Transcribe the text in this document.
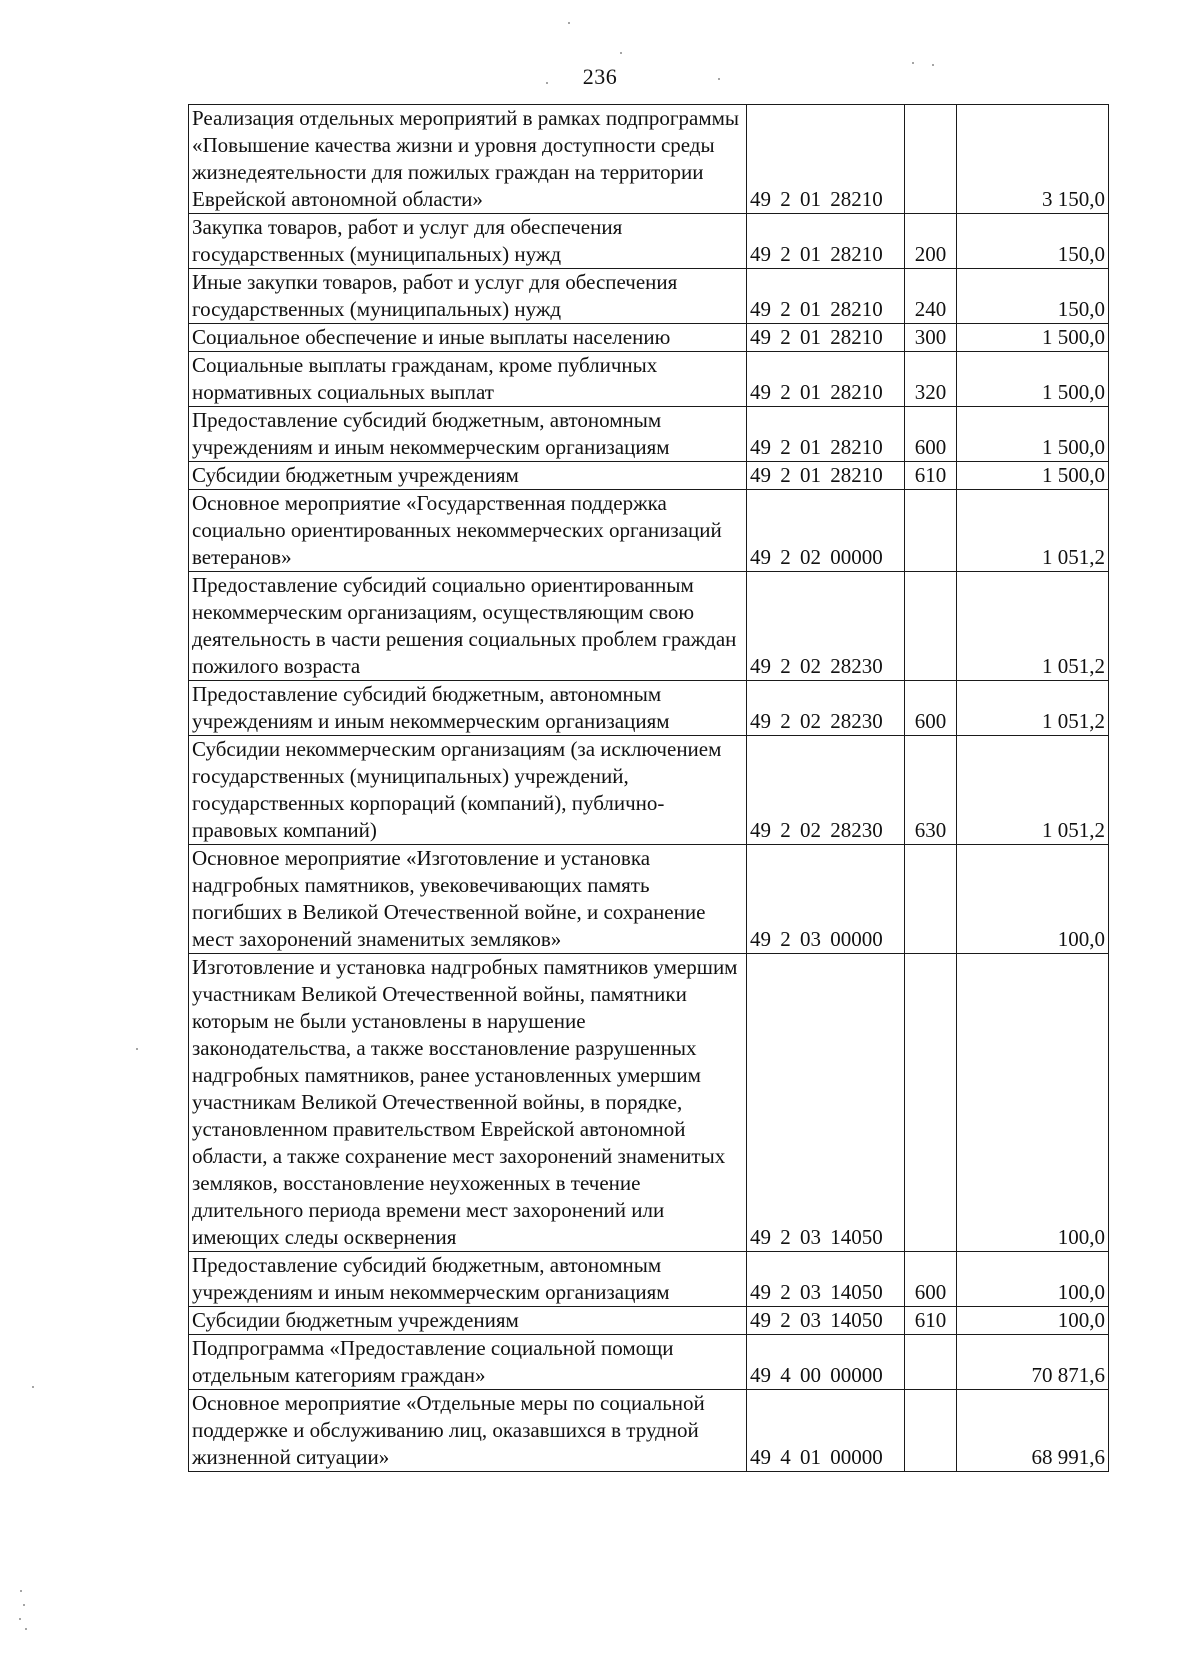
236
Реализация отдельных мероприятий в рамках подпрограммы «Повышение качества жизни и уровня доступности среды жизнедеятельности для пожилых граждан на территории Еврейской автономной области»	49 2 01 28210		3 150,0
Закупка товаров, работ и услуг для обеспечения государственных (муниципальных) нужд	49 2 01 28210	200	150,0
Иные закупки товаров, работ и услуг для обеспечения государственных (муниципальных) нужд	49 2 01 28210	240	150,0
Социальное обеспечение и иные выплаты населению	49 2 01 28210	300	1 500,0
Социальные выплаты гражданам, кроме публичных нормативных социальных выплат	49 2 01 28210	320	1 500,0
Предоставление субсидий бюджетным, автономным учреждениям и иным некоммерческим организациям	49 2 01 28210	600	1 500,0
Субсидии бюджетным учреждениям	49 2 01 28210	610	1 500,0
Основное мероприятие «Государственная поддержка социально ориентированных некоммерческих организаций ветеранов»	49 2 02 00000		1 051,2
Предоставление субсидий социально ориентированным некоммерческим организациям, осуществляющим свою деятельность в части решения социальных проблем граждан пожилого возраста	49 2 02 28230		1 051,2
Предоставление субсидий бюджетным, автономным учреждениям и иным некоммерческим организациям	49 2 02 28230	600	1 051,2
Субсидии некоммерческим организациям (за исключением государственных (муниципальных) учреждений, государственных корпораций (компаний), публично-правовых компаний)	49 2 02 28230	630	1 051,2
Основное мероприятие «Изготовление и установка надгробных памятников, увековечивающих память погибших в Великой Отечественной войне, и сохранение мест захоронений знаменитых земляков»	49 2 03 00000		100,0
Изготовление и установка надгробных памятников умершим участникам Великой Отечественной войны, памятники которым не были установлены в нарушение законодательства, а также восстановление разрушенных надгробных памятников, ранее установленных умершим участникам Великой Отечественной войны, в порядке, установленном правительством Еврейской автономной области, а также сохранение мест захоронений знаменитых земляков, восстановление неухоженных в течение длительного периода времени мест захоронений или имеющих следы осквернения	49 2 03 14050		100,0
Предоставление субсидий бюджетным, автономным учреждениям и иным некоммерческим организациям	49 2 03 14050	600	100,0
Субсидии бюджетным учреждениям	49 2 03 14050	610	100,0
Подпрограмма «Предоставление социальной помощи отдельным категориям граждан»	49 4 00 00000		70 871,6
Основное мероприятие «Отдельные меры по социальной поддержке и обслуживанию лиц, оказавшихся в трудной жизненной ситуации»	49 4 01 00000		68 991,6
